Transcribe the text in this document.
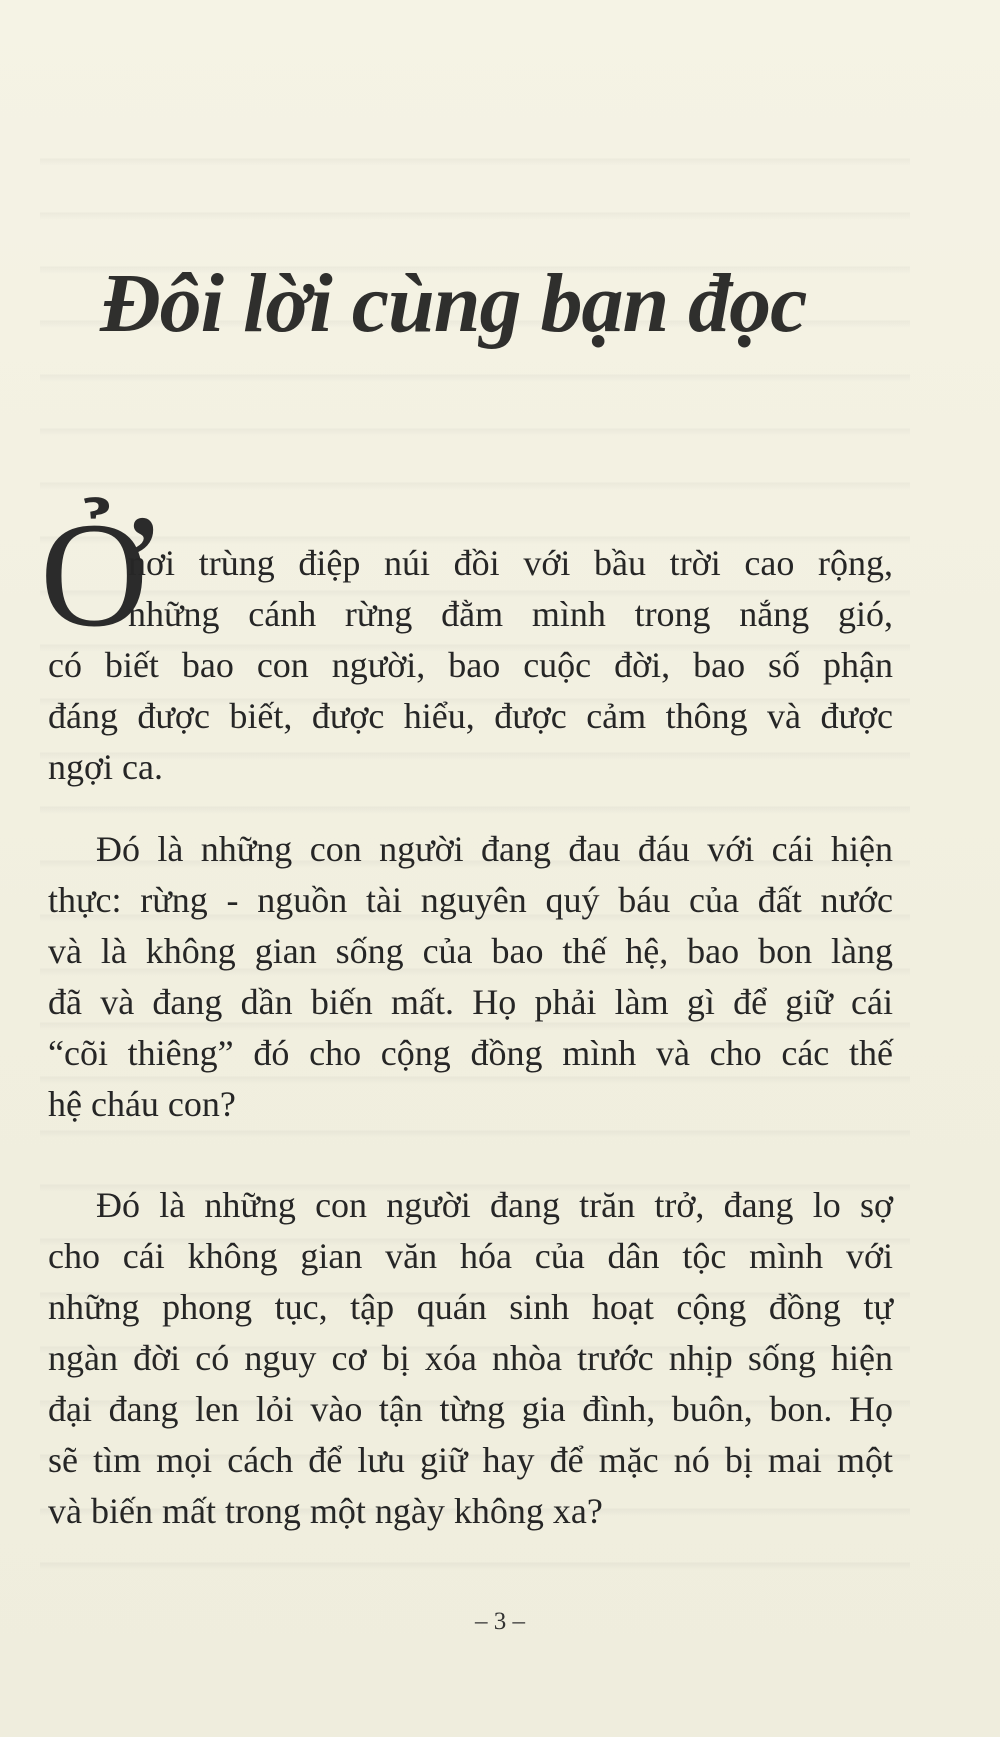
Đôi lời cùng bạn đọc
Ở
nơi trùng điệp núi đồi với bầu trời cao rộng,
những cánh rừng đằm mình trong nắng gió,
có biết bao con người, bao cuộc đời, bao số phận
đáng được biết, được hiểu, được cảm thông và được
ngợi ca.
Đó là những con người đang đau đáu với cái hiện
thực: rừng - nguồn tài nguyên quý báu của đất nước
và là không gian sống của bao thế hệ, bao bon làng
đã và đang dần biến mất. Họ phải làm gì để giữ cái
“cõi thiêng” đó cho cộng đồng mình và cho các thế
hệ cháu con?
Đó là những con người đang trăn trở, đang lo sợ
cho cái không gian văn hóa của dân tộc mình với
những phong tục, tập quán sinh hoạt cộng đồng tự
ngàn đời có nguy cơ bị xóa nhòa trước nhịp sống hiện
đại đang len lỏi vào tận từng gia đình, buôn, bon. Họ
sẽ tìm mọi cách để lưu giữ hay để mặc nó bị mai một
và biến mất trong một ngày không xa?
– 3 –
